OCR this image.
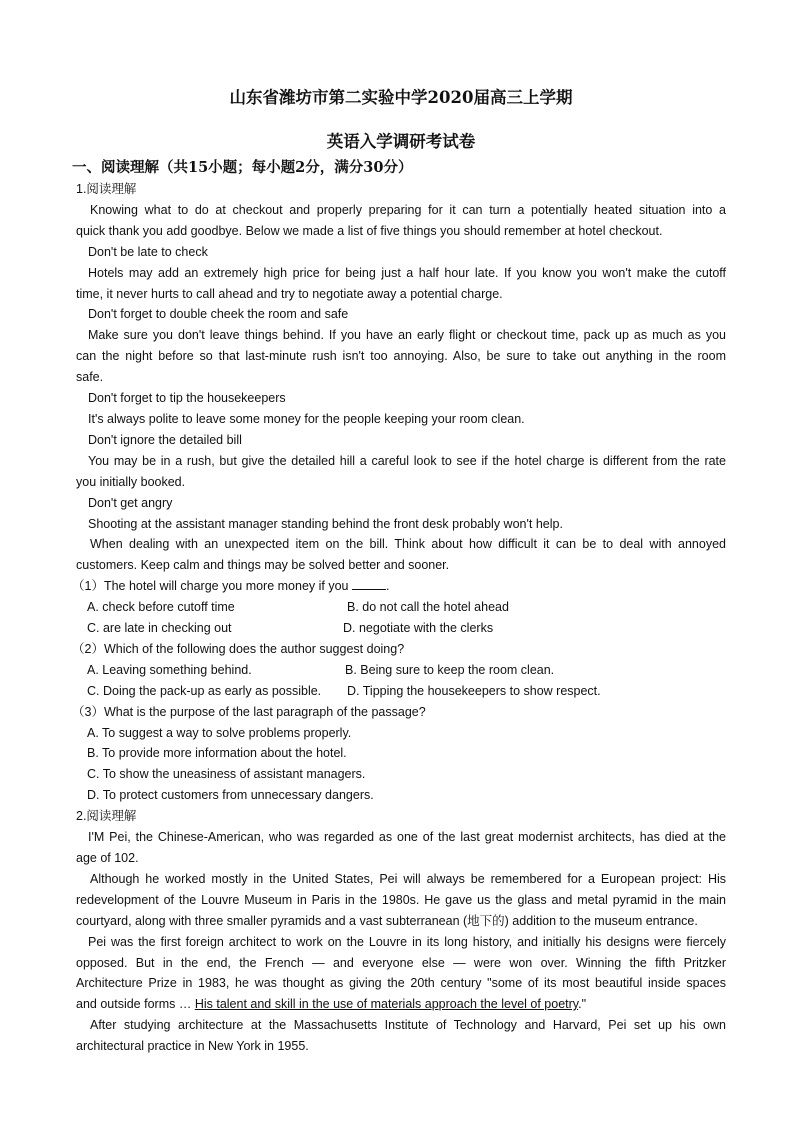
山东省潍坊市第二实验中学2020届高三上学期
英语入学调研考试卷
一、阅读理解（共15小题；每小题2分，满分30分）

1.阅读理解

Knowing what to do at checkout and properly preparing for it can turn a potentially heated situation into a

quick thank you add goodbye. Below we made a list of five things you should remember at hotel checkout.

Don't be late to check

Hotels may add an extremely high price for being just a half hour late. If you know you won't make the cutoff

time, it never hurts to call ahead and try to negotiate away a potential charge.

Don't forget to double cheek the room and safe

Make sure you don't leave things behind. If you have an early flight or checkout time, pack up as much as you

can the night before so that last-minute rush isn't too annoying. Also, be sure to take out anything in the room

safe.

Don't forget to tip the housekeepers

It's always polite to leave some money for the people keeping your room clean.

Don't ignore the detailed bill

You may be in a rush, but give the detailed hill a careful look to see if the hotel charge is different from the rate

you initially booked.

Don't get angry

Shooting at the assistant manager standing behind the front desk probably won't help.

When dealing with an unexpected item on the bill. Think about how difficult it can be to deal with annoyed

customers. Keep calm and things may be solved better and sooner.

（1）The hotel will charge you more money if you	.

A. check before cutoff time	B. do not call the hotel ahead
C. are late in checking out	D. negotiate with the clerks

（2）Which of the following does the author suggest doing?

A. Leaving something behind.	B. Being sure to keep the room clean.
C. Doing the pack-up as early as possible.	D. Tipping the housekeepers to show respect.

（3）What is the purpose of the last paragraph of the passage?

A. To suggest a way to solve problems properly.

B. To provide more information about the hotel.

C. To show the uneasiness of assistant managers.

D. To protect customers from unnecessary dangers.

2.阅读理解

I'M Pei, the Chinese-American, who was regarded as one of the last great modernist architects, has died at the

age of 102.

Although he worked mostly in the United States, Pei will always be remembered for a European project: His

redevelopment of the Louvre Museum in Paris in the 1980s. He gave us the glass and metal pyramid in the main

courtyard, along with three smaller pyramids and a vast subterranean (地下的) addition to the museum entrance.

Pei was the first foreign architect to work on the Louvre in its long history, and initially his designs were fiercely

opposed. But in the end, the French — and everyone else — were won over. Winning the fifth Pritzker

Architecture Prize in 1983, he was thought as giving the 20th century "some of its most beautiful inside spaces

and outside forms … His talent and skill in the use of materials approach the level of poetry."

After studying architecture at the Massachusetts Institute of Technology and Harvard, Pei set up his own

architectural practice in New York in 1955.
